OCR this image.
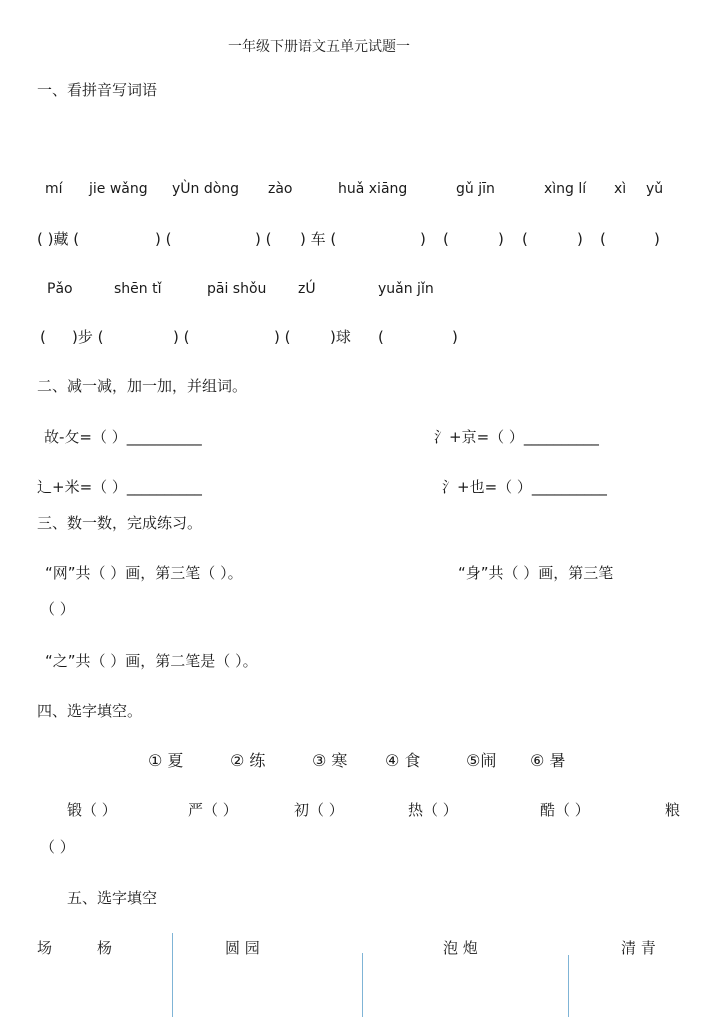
一年级下册语文五单元试题一
一、看拼音写词语
mí jie wǎng yÙn dòng zào	huǎ xiāng	gǔ jīn	xìng lí xì yǔ
( )藏 (	) (	) ( ) 车 (	) (	) (	) (	)
Pǎo	shēn tǐ	pāi shǒu zÚ	yuǎn jǐn
( )步 (	) (	) (	)球 (	)
二、减一减，加一加，并组词。
故-攵=（ ）__________	氵+京=（ ）__________
辶+米=（ ）__________	氵+也=（ ）__________
三、数一数，完成练习。
“网”共（ ）画，第三笔（ ）。	“身”共（ ）画，第三笔
（ ）
“之”共（ ）画，第二笔是（ ）。
四、选字填空。
① 夏	② 练	③ 寒 ④ 食	⑤闹 ⑥ 暑
锻（ ）	严（ ）	初（ ）	热（ ）	酷（ ）	粮
（ ）
五、选字填空
场	杨	圆 园	泡 炮	清 青
